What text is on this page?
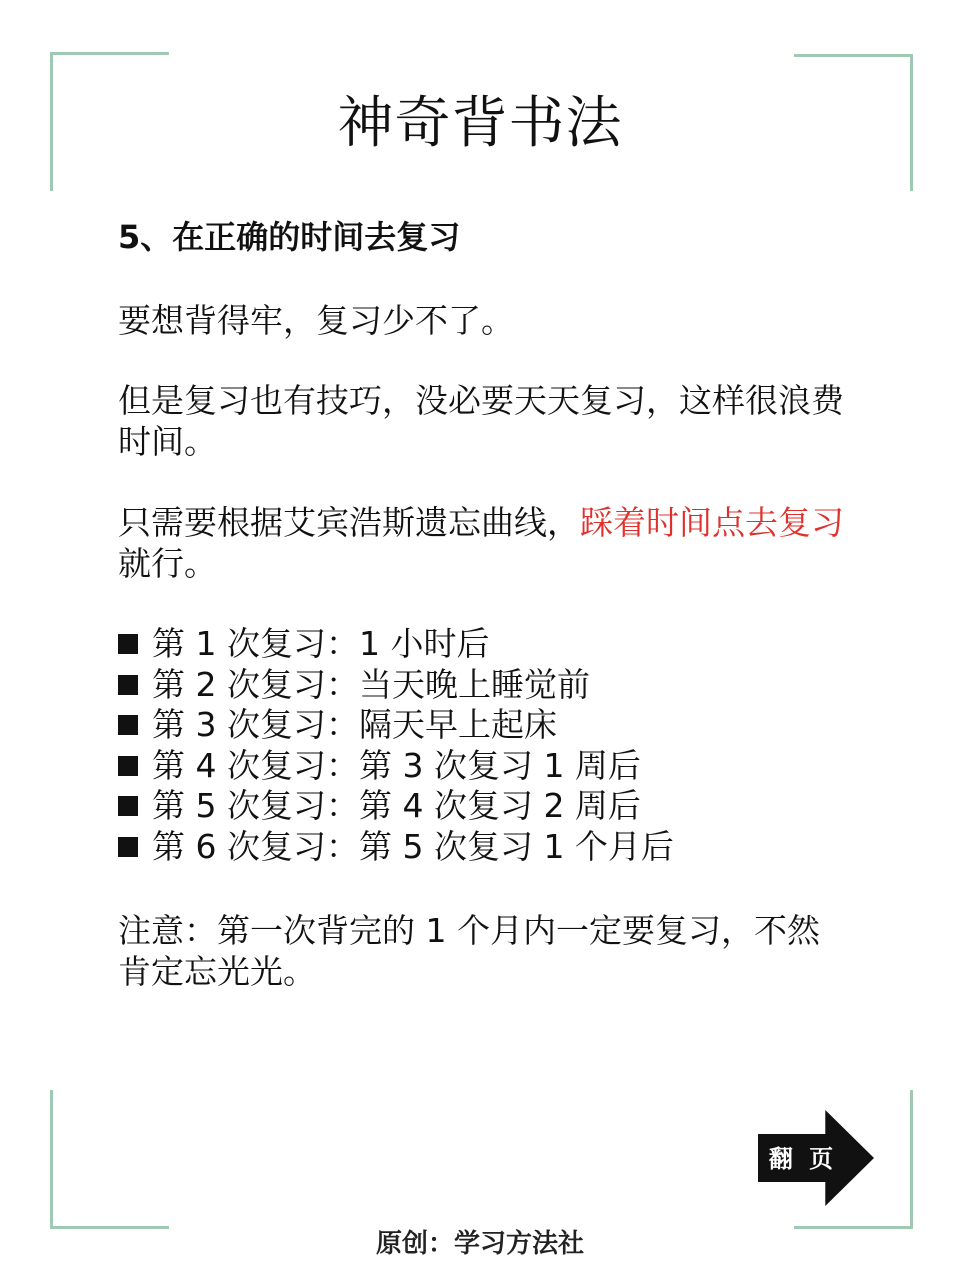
神奇背书法
5、在正确的时间去复习
要想背得牢，复习少不了。
但是复习也有技巧，没必要天天复习，这样很浪费时间。
只需要根据艾宾浩斯遗忘曲线，踩着时间点去复习就行。
第 1 次复习：1 小时后
第 2 次复习：当天晚上睡觉前
第 3 次复习：隔天早上起床
第 4 次复习：第 3 次复习 1 周后
第 5 次复习：第 4 次复习 2 周后
第 6 次复习：第 5 次复习 1 个月后
注意：第一次背完的 1 个月内一定要复习，不然肯定忘光光。
翻 页
原创：学习方法社
